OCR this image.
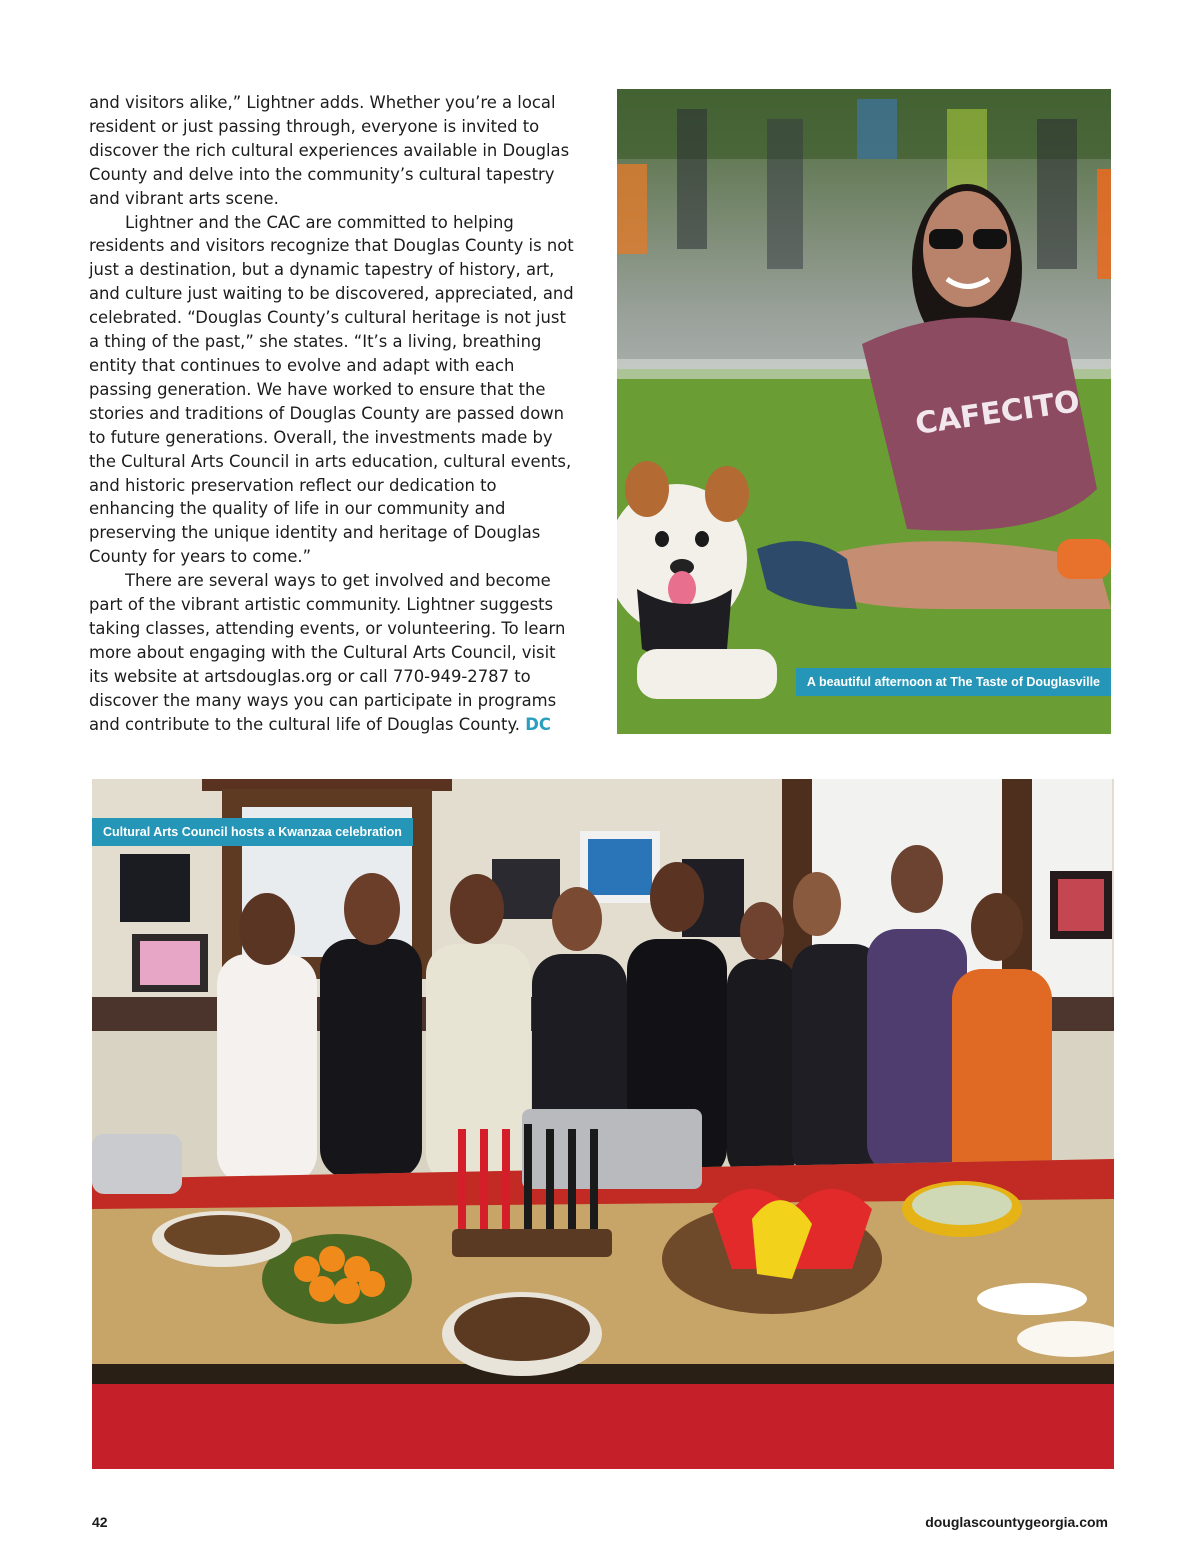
and visitors alike,” Lightner adds. Whether you’re a local resident or just passing through, everyone is invited to discover the rich cultural experiences available in Douglas County and delve into the community’s cultural tapestry and vibrant arts scene.

Lightner and the CAC are committed to helping residents and visitors recognize that Douglas County is not just a destination, but a dynamic tapestry of history, art, and culture just waiting to be discovered, appreciated, and celebrated. “Douglas County’s cultural heritage is not just a thing of the past,” she states. “It’s a living, breathing entity that continues to evolve and adapt with each passing generation. We have worked to ensure that the stories and traditions of Douglas County are passed down to future generations. Overall, the investments made by the Cultural Arts Council in arts education, cultural events, and historic preservation reflect our dedication to enhancing the quality of life in our community and preserving the unique identity and heritage of Douglas County for years to come.”

There are several ways to get involved and become part of the vibrant artistic community. Lightner suggests taking classes, attending events, or volunteering. To learn more about engaging with the Cultural Arts Council, visit its website at artsdouglas.org or call 770-949-2787 to discover the many ways you can participate in programs and contribute to the cultural life of Douglas County. DC

CAFECITO
A beautiful afternoon at The Taste of Douglasville
Cultural Arts Council hosts a Kwanzaa celebration
42	douglascountygeorgia.com
